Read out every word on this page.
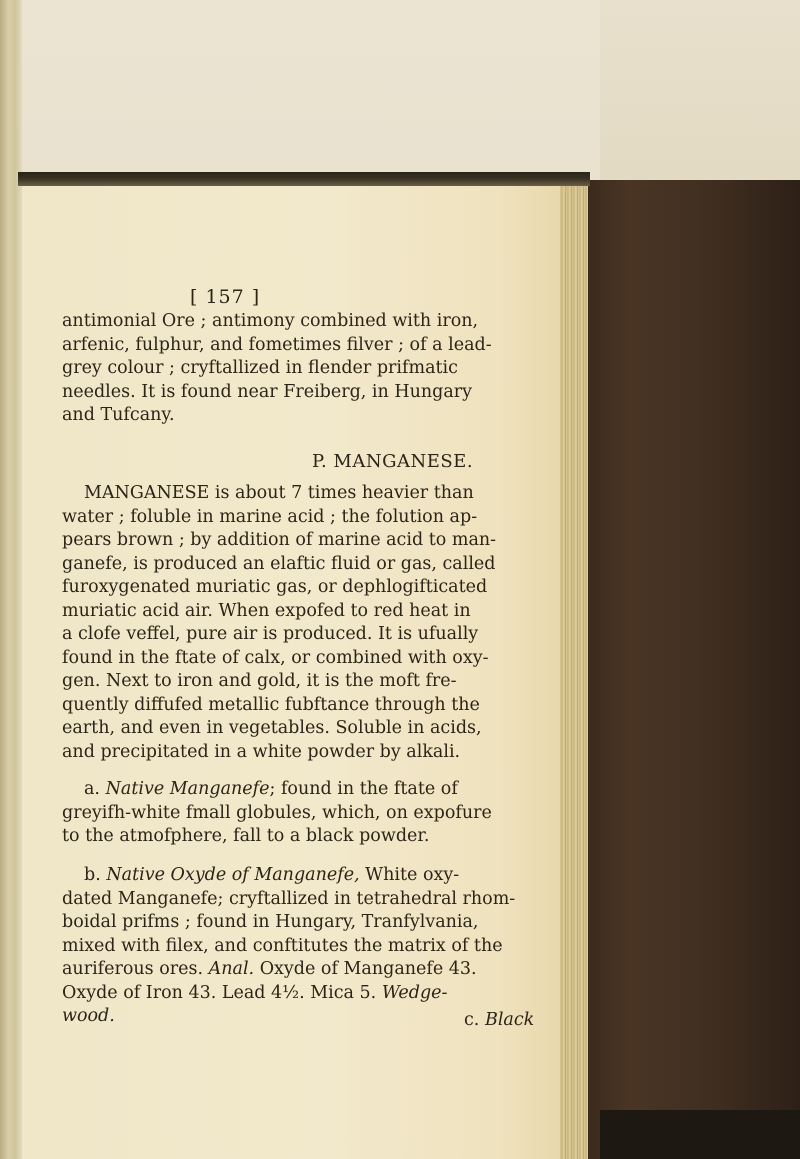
[ 157 ]
antimonial Ore ; antimony combined with iron,
arfenic, fulphur, and fometimes filver ; of a lead-
grey colour ; cryftallized in flender prifmatic
needles. It is found near Freiberg, in Hungary
and Tufcany.
P. MANGANESE.
MANGANESE is about 7 times heavier than
water ; foluble in marine acid ; the folution ap-
pears brown ; by addition of marine acid to man-
ganefe, is produced an elaftic fluid or gas, called
furoxygenated muriatic gas, or dephlogifticated
muriatic acid air. When expofed to red heat in
a clofe veffel, pure air is produced. It is ufually
found in the ftate of calx, or combined with oxy-
gen. Next to iron and gold, it is the moft fre-
quently diffufed metallic fubftance through the
earth, and even in vegetables. Soluble in acids,
and precipitated in a white powder by alkali.
a. Native Manganefe; found in the ftate of
greyifh-white fmall globules, which, on expofure
to the atmofphere, fall to a black powder.
b. Native Oxyde of Manganefe, White oxy-
dated Manganefe; cryftallized in tetrahedral rhom-
boidal prifms ; found in Hungary, Tranfylvania,
mixed with filex, and conftitutes the matrix of the
auriferous ores. Anal. Oxyde of Manganefe 43.
Oxyde of Iron 43. Lead 4½. Mica 5. Wedge-
wood.	c. Black
